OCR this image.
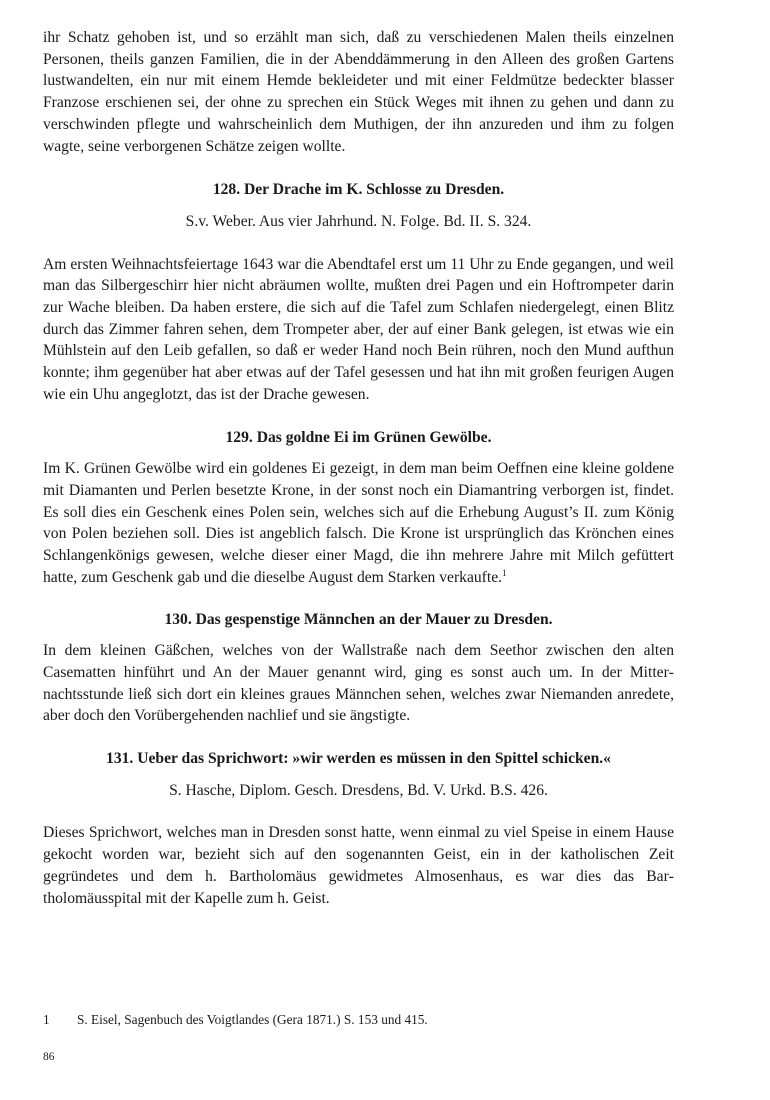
ihr Schatz gehoben ist, und so erzählt man sich, daß zu verschiedenen Malen theils einzelnen Personen, theils ganzen Familien, die in der Abenddämmerung in den Alleen des großen Gartens lustwandelten, ein nur mit einem Hemde bekleideter und mit einer Feldmütze bedeckter blasser Franzose erschienen sei, der ohne zu sprechen ein Stück Weges mit ihnen zu gehen und dann zu verschwinden pflegte und wahrscheinlich dem Muthigen, der ihn anzureden und ihm zu folgen wagte, seine verborgenen Schätze zeigen wollte.

128. Der Drache im K. Schlosse zu Dresden.
S.v. Weber. Aus vier Jahrhund. N. Folge. Bd. II. S. 324.

Am ersten Weihnachtsfeiertage 1643 war die Abendtafel erst um 11 Uhr zu Ende gegangen, und weil man das Silbergeschirr hier nicht abräumen wollte, mußten drei Pagen und ein Hoftrompeter darin zur Wache bleiben. Da haben erstere, die sich auf die Tafel zum Schlafen niedergelegt, einen Blitz durch das Zimmer fahren sehen, dem Trompeter aber, der auf einer Bank gelegen, ist etwas wie ein Mühlstein auf den Leib gefallen, so daß er weder Hand noch Bein rühren, noch den Mund aufthun konnte; ihm gegenüber hat aber etwas auf der Tafel gesessen und hat ihn mit großen feurigen Augen wie ein Uhu angeglotzt, das ist der Drache gewesen.

129. Das goldne Ei im Grünen Gewölbe.

Im K. Grünen Gewölbe wird ein goldenes Ei gezeigt, in dem man beim Oeffnen eine kleine goldene mit Diamanten und Perlen besetzte Krone, in der sonst noch ein Diamantring verborgen ist, findet. Es soll dies ein Geschenk eines Polen sein, welches sich auf die Erhebung August’s II. zum König von Polen beziehen soll. Dies ist angeblich falsch. Die Krone ist ursprünglich das Krönchen eines Schlangenkönigs gewesen, welche dieser einer Magd, die ihn mehrere Jahre mit Milch gefüttert hatte, zum Geschenk gab und die dieselbe August dem Starken verkaufte.$^1$

130. Das gespenstige Männchen an der Mauer zu Dresden.

In dem kleinen Gäßchen, welches von der Wallstraße nach dem Seethor zwischen den alten Casematten hinführt und An der Mauer genannt wird, ging es sonst auch um. In der Mitternachtsstunde ließ sich dort ein kleines graues Männchen sehen, welches zwar Niemanden anredete, aber doch den Vorübergehenden nachlief und sie ängstigte.

131. Ueber das Sprichwort: »wir werden es müssen in den Spittel schicken.«
S. Hasche, Diplom. Gesch. Dresdens, Bd. V. Urkd. B.S. 426.

Dieses Sprichwort, welches man in Dresden sonst hatte, wenn einmal zu viel Speise in einem Hause gekocht worden war, bezieht sich auf den sogenannten Geist, ein in der katholischen Zeit gegründetes und dem h. Bartholomäus gewidmetes Almosenhaus, es war dies das Bartholomäusspital mit der Kapelle zum h. Geist.

1 S. Eisel, Sagenbuch des Voigtlandes (Gera 1871.) S. 153 und 415.
86
